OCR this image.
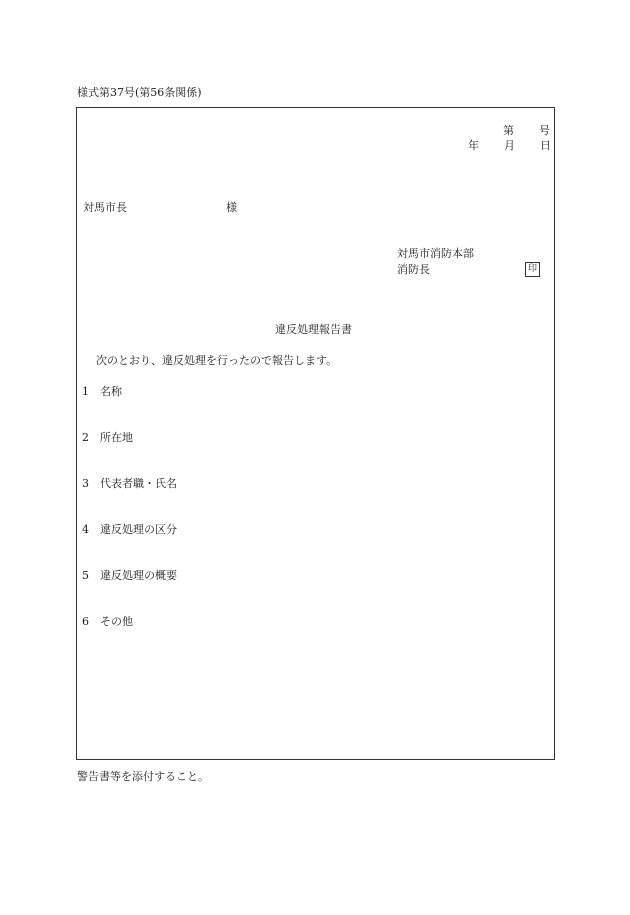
様式第37号(第56条関係)
第 号
年 月 日
対馬市長	様
対馬市消防本部
消防長	印
違反処理報告書
次のとおり、違反処理を行ったので報告します。
1 名称
2 所在地
3 代表者職・氏名
4 違反処理の区分
5 違反処理の概要
6 その他
警告書等を添付すること。
